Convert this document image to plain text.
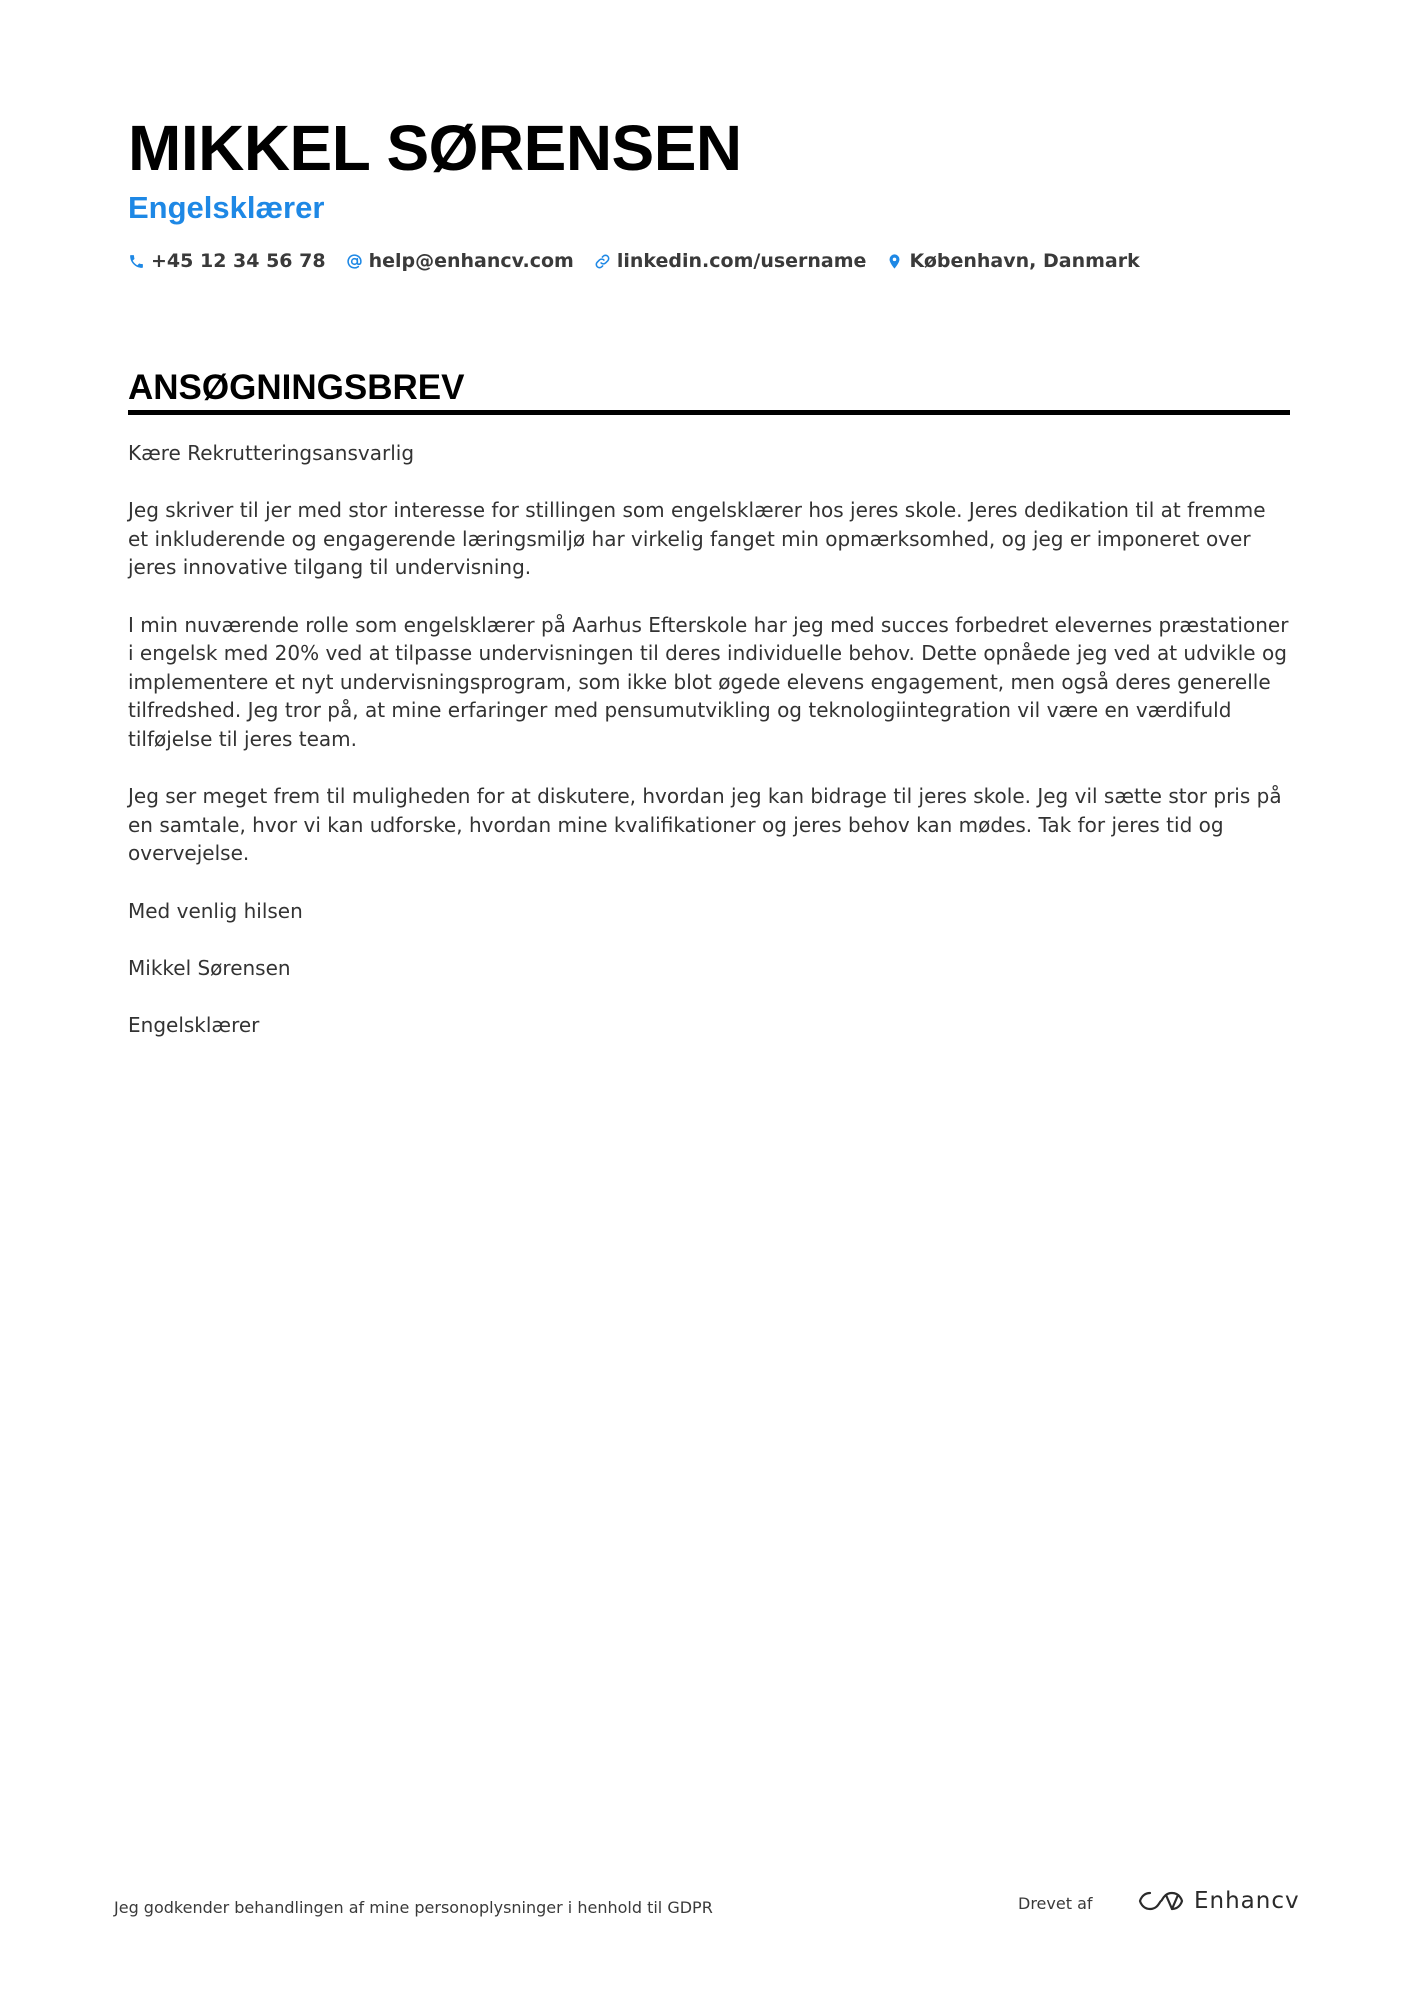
MIKKEL SØRENSEN
Engelsklærer
+45 12 34 56 78 help@enhancv.com linkedin.com/username København, Danmark
ANSØGNINGSBREV

Kære Rekrutteringsansvarlig

Jeg skriver til jer med stor interesse for stillingen som engelsklærer hos jeres skole. Jeres dedikation til at fremme et inkluderende og engagerende læringsmiljø har virkelig fanget min opmærksomhed, og jeg er imponeret over jeres innovative tilgang til undervisning.

I min nuværende rolle som engelsklærer på Aarhus Efterskole har jeg med succes forbedret elevernes præstationer i engelsk med 20% ved at tilpasse undervisningen til deres individuelle behov. Dette opnåede jeg ved at udvikle og implementere et nyt undervisningsprogram, som ikke blot øgede elevens engagement, men også deres generelle tilfredshed. Jeg tror på, at mine erfaringer med pensumutvikling og teknologiintegration vil være en værdifuld tilføjelse til jeres team.

Jeg ser meget frem til muligheden for at diskutere, hvordan jeg kan bidrage til jeres skole. Jeg vil sætte stor pris på en samtale, hvor vi kan udforske, hvordan mine kvalifikationer og jeres behov kan mødes. Tak for jeres tid og overvejelse.

Med venlig hilsen

Mikkel Sørensen

Engelsklærer

Jeg godkender behandlingen af mine personoplysninger i henhold til GDPR	Drevet af	Enhancv
